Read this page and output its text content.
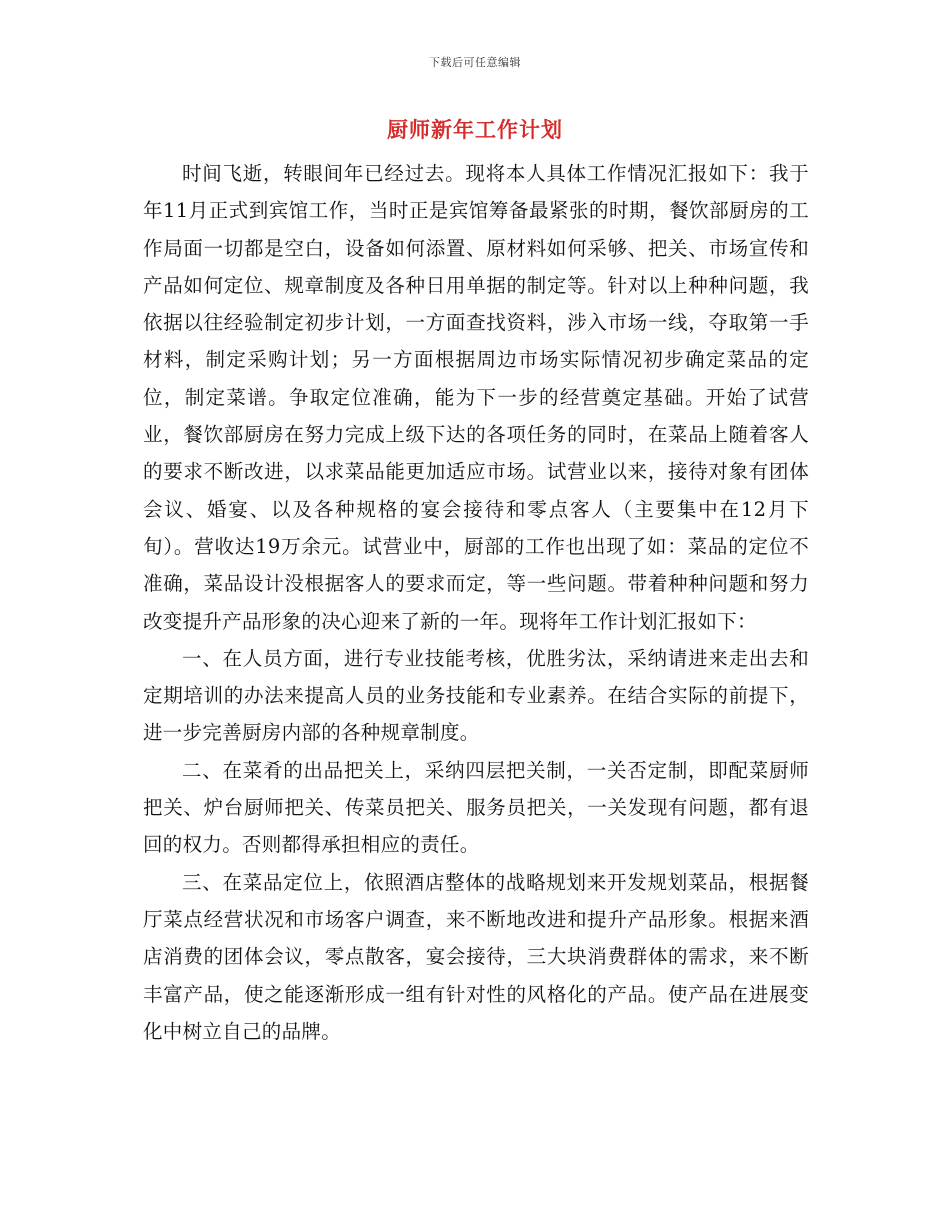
下载后可任意编辑
厨师新年工作计划

时间飞逝，转眼间年已经过去。现将本人具体工作情况汇报如下：我于年11月正式到宾馆工作，当时正是宾馆筹备最紧张的时期，餐饮部厨房的工作局面一切都是空白，设备如何添置、原材料如何采够、把关、市场宣传和产品如何定位、规章制度及各种日用单据的制定等。针对以上种种问题，我依据以往经验制定初步计划，一方面查找资料，涉入市场一线，夺取第一手材料，制定采购计划；另一方面根据周边市场实际情况初步确定菜品的定位，制定菜谱。争取定位准确，能为下一步的经营奠定基础。开始了试营业，餐饮部厨房在努力完成上级下达的各项任务的同时，在菜品上随着客人的要求不断改进，以求菜品能更加适应市场。试营业以来，接待对象有团体会议、婚宴、以及各种规格的宴会接待和零点客人（主要集中在12月下旬）。营收达19万余元。试营业中，厨部的工作也出现了如：菜品的定位不准确，菜品设计没根据客人的要求而定，等一些问题。带着种种问题和努力改变提升产品形象的决心迎来了新的一年。现将年工作计划汇报如下：

一、在人员方面，进行专业技能考核，优胜劣汰，采纳请进来走出去和定期培训的办法来提高人员的业务技能和专业素养。在结合实际的前提下，进一步完善厨房内部的各种规章制度。

二、在菜肴的出品把关上，采纳四层把关制，一关否定制，即配菜厨师把关、炉台厨师把关、传菜员把关、服务员把关，一关发现有问题，都有退回的权力。否则都得承担相应的责任。

三、在菜品定位上，依照酒店整体的战略规划来开发规划菜品，根据餐厅菜点经营状况和市场客户调查，来不断地改进和提升产品形象。根据来酒店消费的团体会议，零点散客，宴会接待，三大块消费群体的需求，来不断丰富产品，使之能逐渐形成一组有针对性的风格化的产品。使产品在进展变化中树立自己的品牌。
